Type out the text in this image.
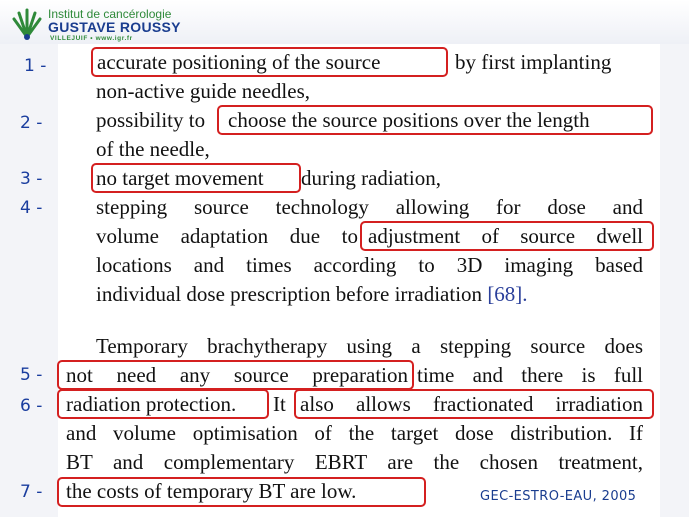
Institut de cancérologie
GUSTAVE ROUSSY
VILLEJUIF • www.igr.fr
1 -
2 -
3 -
4 -
5 -
6 -
7 -
accurate positioning of the source	by first implanting
non-active guide needles,
possibility to choose the source positions over the length
of the needle,
no target movement during radiation,
stepping source technology allowing for dose and
volume adaptation due to adjustment of source dwell
locations and times according to 3D imaging based
individual dose prescription before irradiation [68].
Temporary brachytherapy using a stepping source does
not need any source preparation time and there is full
radiation protection. It also allows fractionated irradiation
and volume optimisation of the target dose distribution. If
BT and complementary EBRT are the chosen treatment,
the costs of temporary BT are low.	GEC-ESTRO-EAU, 2005
